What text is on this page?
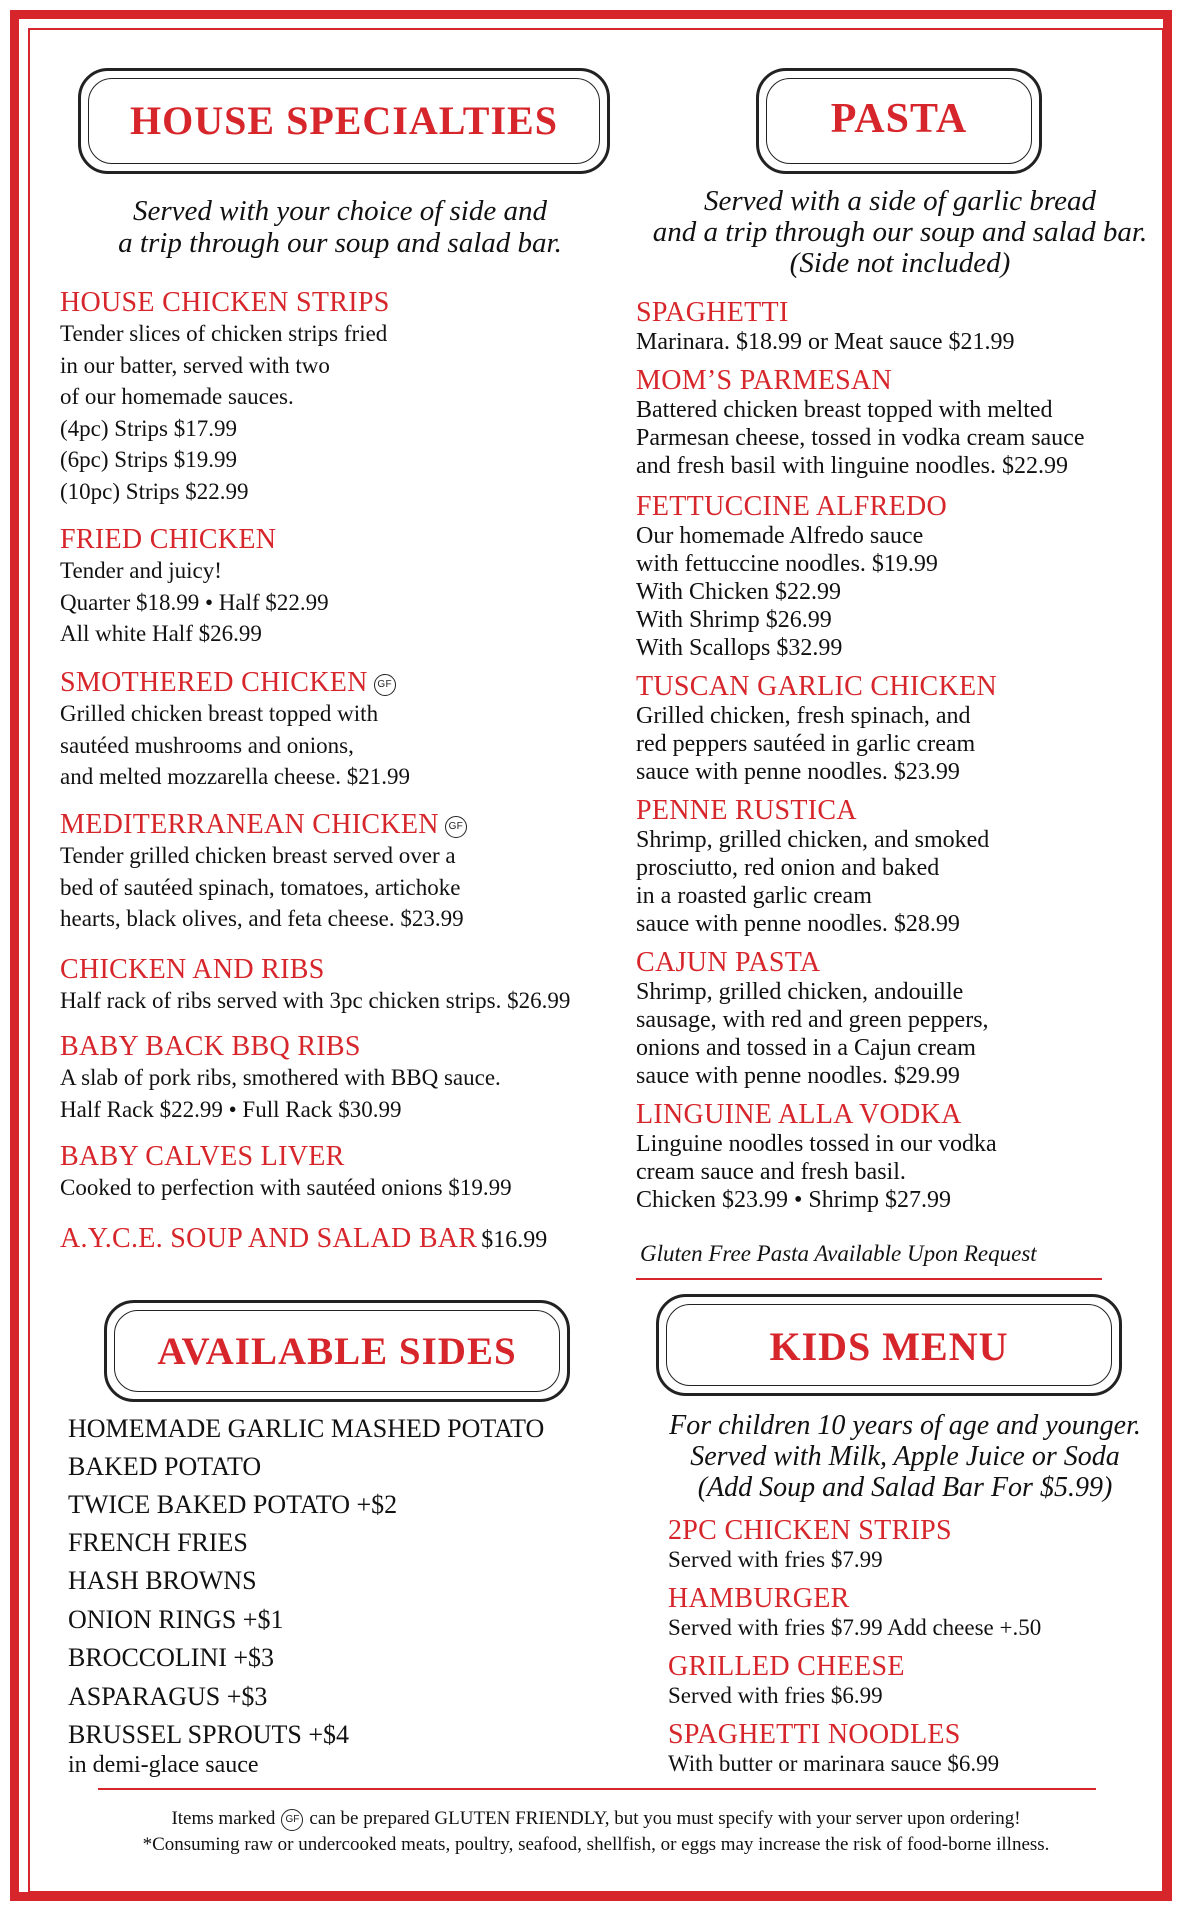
HOUSE SPECIALTIES
Served with your choice of side and
a trip through our soup and salad bar.
HOUSE CHICKEN STRIPS
Tender slices of chicken strips fried
in our batter, served with two
of our homemade sauces.
(4pc) Strips $17.99
(6pc) Strips $19.99
(10pc) Strips $22.99
FRIED CHICKEN
Tender and juicy!
Quarter $18.99 • Half $22.99
All white Half $26.99
SMOTHERED CHICKEN GF
Grilled chicken breast topped with
sautéed mushrooms and onions,
and melted mozzarella cheese. $21.99
MEDITERRANEAN CHICKEN GF
Tender grilled chicken breast served over a
bed of sautéed spinach, tomatoes, artichoke
hearts, black olives, and feta cheese. $23.99
CHICKEN AND RIBS
Half rack of ribs served with 3pc chicken strips. $26.99
BABY BACK BBQ RIBS
A slab of pork ribs, smothered with BBQ sauce.
Half Rack $22.99 • Full Rack $30.99
BABY CALVES LIVER
Cooked to perfection with sautéed onions $19.99
A.Y.C.E. SOUP AND SALAD BAR $16.99
PASTA
Served with a side of garlic bread
and a trip through our soup and salad bar.
(Side not included)
SPAGHETTI
Marinara. $18.99 or Meat sauce $21.99
MOM’S PARMESAN
Battered chicken breast topped with melted
Parmesan cheese, tossed in vodka cream sauce
and fresh basil with linguine noodles. $22.99
FETTUCCINE ALFREDO
Our homemade Alfredo sauce
with fettuccine noodles. $19.99
With Chicken $22.99
With Shrimp $26.99
With Scallops $32.99
TUSCAN GARLIC CHICKEN
Grilled chicken, fresh spinach, and
red peppers sautéed in garlic cream
sauce with penne noodles. $23.99
PENNE RUSTICA
Shrimp, grilled chicken, and smoked
prosciutto, red onion and baked
in a roasted garlic cream
sauce with penne noodles. $28.99
CAJUN PASTA
Shrimp, grilled chicken, andouille
sausage, with red and green peppers,
onions and tossed in a Cajun cream
sauce with penne noodles. $29.99
LINGUINE ALLA VODKA
Linguine noodles tossed in our vodka
cream sauce and fresh basil.
Chicken $23.99 • Shrimp $27.99
Gluten Free Pasta Available Upon Request
AVAILABLE SIDES
HOMEMADE GARLIC MASHED POTATO
BAKED POTATO
TWICE BAKED POTATO +$2
FRENCH FRIES
HASH BROWNS
ONION RINGS +$1
BROCCOLINI +$3
ASPARAGUS +$3
BRUSSEL SPROUTS +$4
in demi-glace sauce
KIDS MENU
For children 10 years of age and younger.
Served with Milk, Apple Juice or Soda
(Add Soup and Salad Bar For $5.99)
2PC CHICKEN STRIPS
Served with fries $7.99
HAMBURGER
Served with fries $7.99 Add cheese +.50
GRILLED CHEESE
Served with fries $6.99
SPAGHETTI NOODLES
With butter or marinara sauce $6.99
Items marked GF can be prepared GLUTEN FRIENDLY, but you must specify with your server upon ordering!
*Consuming raw or undercooked meats, poultry, seafood, shellfish, or eggs may increase the risk of food-borne illness.
